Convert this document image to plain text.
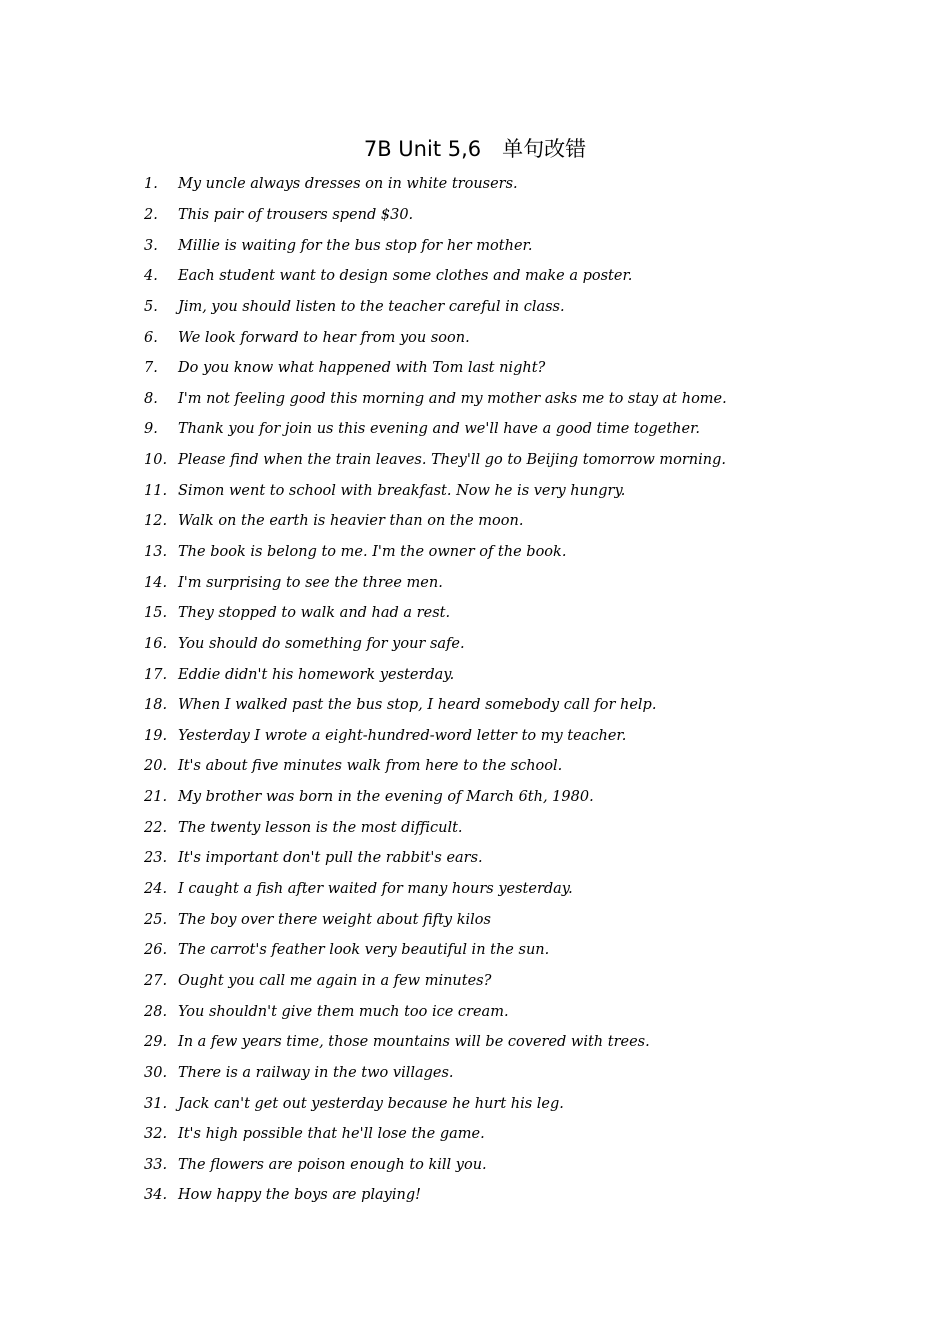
7B Unit 5,6　单句改错
1.	My uncle always dresses on in white trousers.
2.	This pair of trousers spend $30.
3.	Millie is waiting for the bus stop for her mother.
4.	Each student want to design some clothes and make a poster.
5.	Jim, you should listen to the teacher careful in class.
6.	We look forward to hear from you soon.
7.	Do you know what happened with Tom last night?
8.	I'm not feeling good this morning and my mother asks me to stay at home.
9.	Thank you for join us this evening and we'll have a good time together.
10. Please find when the train leaves. They'll go to Beijing tomorrow morning.
11. Simon went to school with breakfast. Now he is very hungry.
12. Walk on the earth is heavier than on the moon.
13. The book is belong to me. I'm the owner of the book.
14. I'm surprising to see the three men.
15. They stopped to walk and had a rest.
16. You should do something for your safe.
17. Eddie didn't his homework yesterday.
18. When I walked past the bus stop, I heard somebody call for help.
19. Yesterday I wrote a eight-hundred-word letter to my teacher.
20. It's about five minutes walk from here to the school.
21. My brother was born in the evening of March 6th, 1980.
22. The twenty lesson is the most difficult.
23. It's important don't pull the rabbit's ears.
24. I caught a fish after waited for many hours yesterday.
25. The boy over there weight about fifty kilos
26. The carrot's feather look very beautiful in the sun.
27. Ought you call me again in a few minutes?
28. You shouldn't give them much too ice cream.
29. In a few years time, those mountains will be covered with trees.
30. There is a railway in the two villages.
31. Jack can't get out yesterday because he hurt his leg.
32. It's high possible that he'll lose the game.
33. The flowers are poison enough to kill you.
34. How happy the boys are playing!
